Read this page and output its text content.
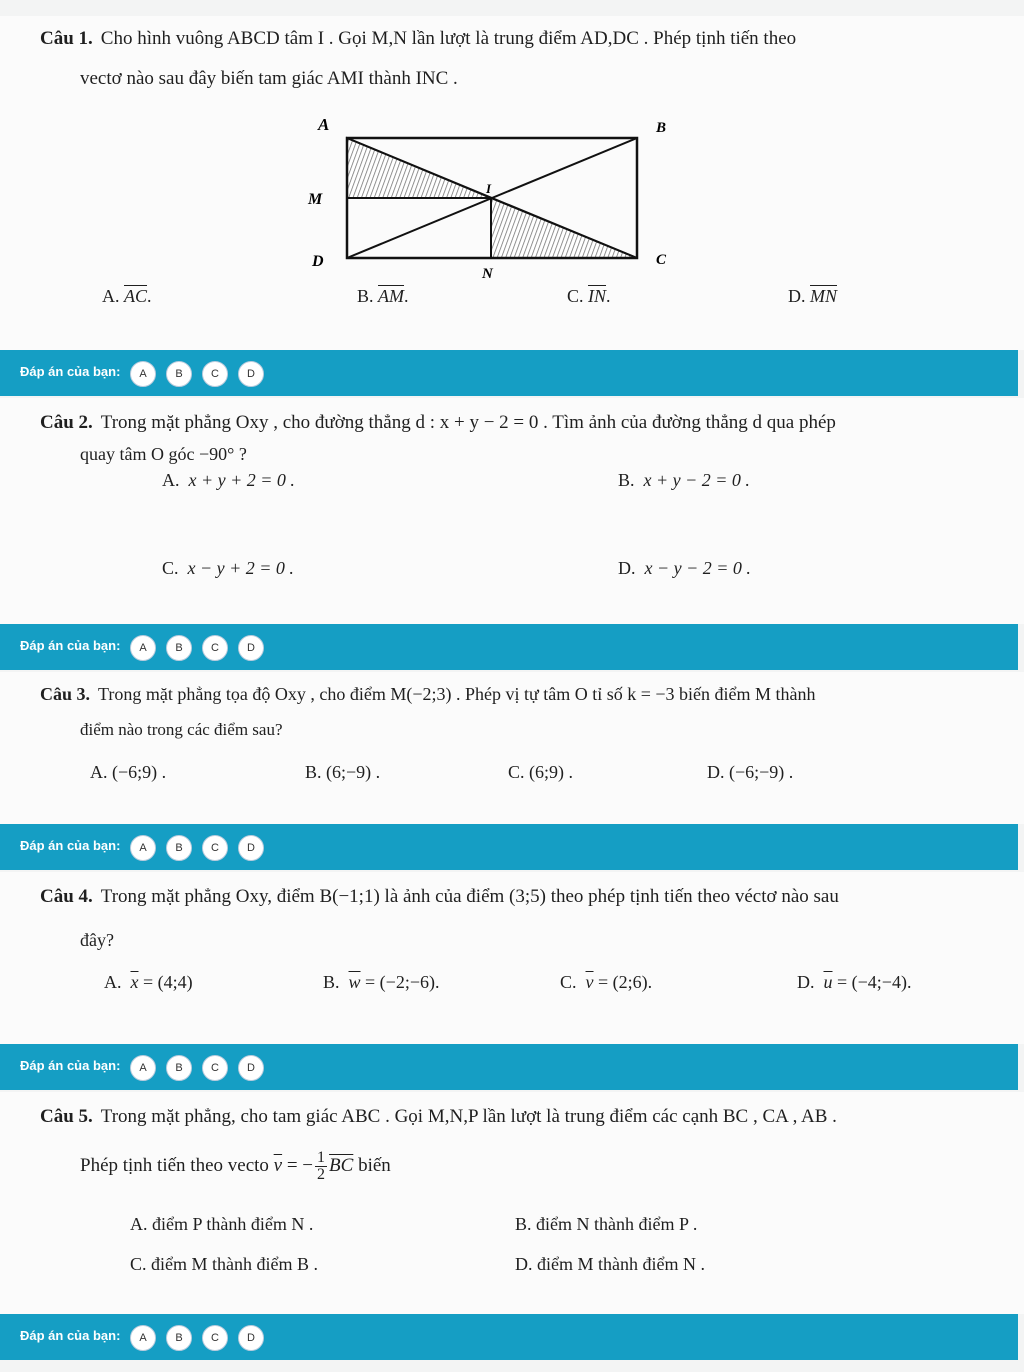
Câu 1. Cho hình vuông ABCD tâm I . Gọi M,N lần lượt là trung điểm AD,DC . Phép tịnh tiến theo
vectơ nào sau đây biến tam giác AMI thành INC .
A	B
M
I
D	C
N
A. $\overline{AC}$.	B. $\overline{AM}$.	C. $\overline{IN}$.	D. $\overline{MN}$
Đáp án của bạn:	A	B	C	D
Câu 2. Trong mặt phẳng Oxy , cho đường thẳng d : x + y − 2 = 0 . Tìm ảnh của đường thẳng d qua phép
quay tâm O góc −90° ?
A. x + y + 2 = 0 .	B. x + y − 2 = 0 .
C. x − y + 2 = 0 .	D. x − y − 2 = 0 .
Đáp án của bạn:	A	B	C	D
Câu 3. Trong mặt phẳng tọa độ Oxy , cho điểm M(−2;3) . Phép vị tự tâm O tỉ số k = −3 biến điểm M thành
điểm nào trong các điểm sau?
A. (−6;9) .	B. (6;−9) .	C. (6;9) .	D. (−6;−9) .
Đáp án của bạn:	A	B	C	D
Câu 4. Trong mặt phẳng Oxy, điểm B(−1;1) là ảnh của điểm (3;5) theo phép tịnh tiến theo véctơ nào sau
đây?
A. $\overline{x}$ = (4;4)	B. $\overline{w}$ = (−2;−6).	C. $\overline{v}$ = (2;6).	D. $\overline{u}$ = (−4;−4).
Đáp án của bạn:	A	B	C	D
Câu 5. Trong mặt phẳng, cho tam giác ABC . Gọi M,N,P lần lượt là trung điểm các cạnh BC , CA , AB .
Phép tịnh tiến theo vecto $\overline{v}$ = − $\frac{1}{2} \overline{BC}$ biến
A. điểm P thành điểm N .	B. điểm N thành điểm P .
C. điểm M thành điểm B .	D. điểm M thành điểm N .
Đáp án của bạn:	A	B	C	D
